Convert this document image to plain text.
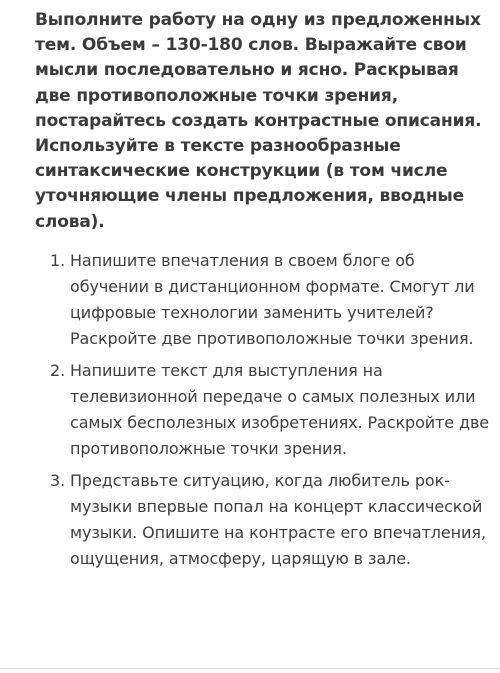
Выполните работу на одну из предложенных тем. Объем – 130-180 слов. Выражайте свои мысли последовательно и ясно. Раскрывая две противоположные точки зрения, постарайтесь создать контрастные описания. Используйте в тексте разнообразные синтаксические конструкции (в том числе уточняющие члены предложения, вводные слова).

1. Напишите впечатления в своем блоге об обучении в дистанционном формате. Смогут ли цифровые технологии заменить учителей? Раскройте две противоположные точки зрения.
2. Напишите текст для выступления на телевизионной передаче о самых полезных или самых бесполезных изобретениях. Раскройте две противоположные точки зрения.
3. Представьте ситуацию, когда любитель рок-музыки впервые попал на концерт классической музыки. Опишите на контрасте его впечатления, ощущения, атмосферу, царящую в зале.
